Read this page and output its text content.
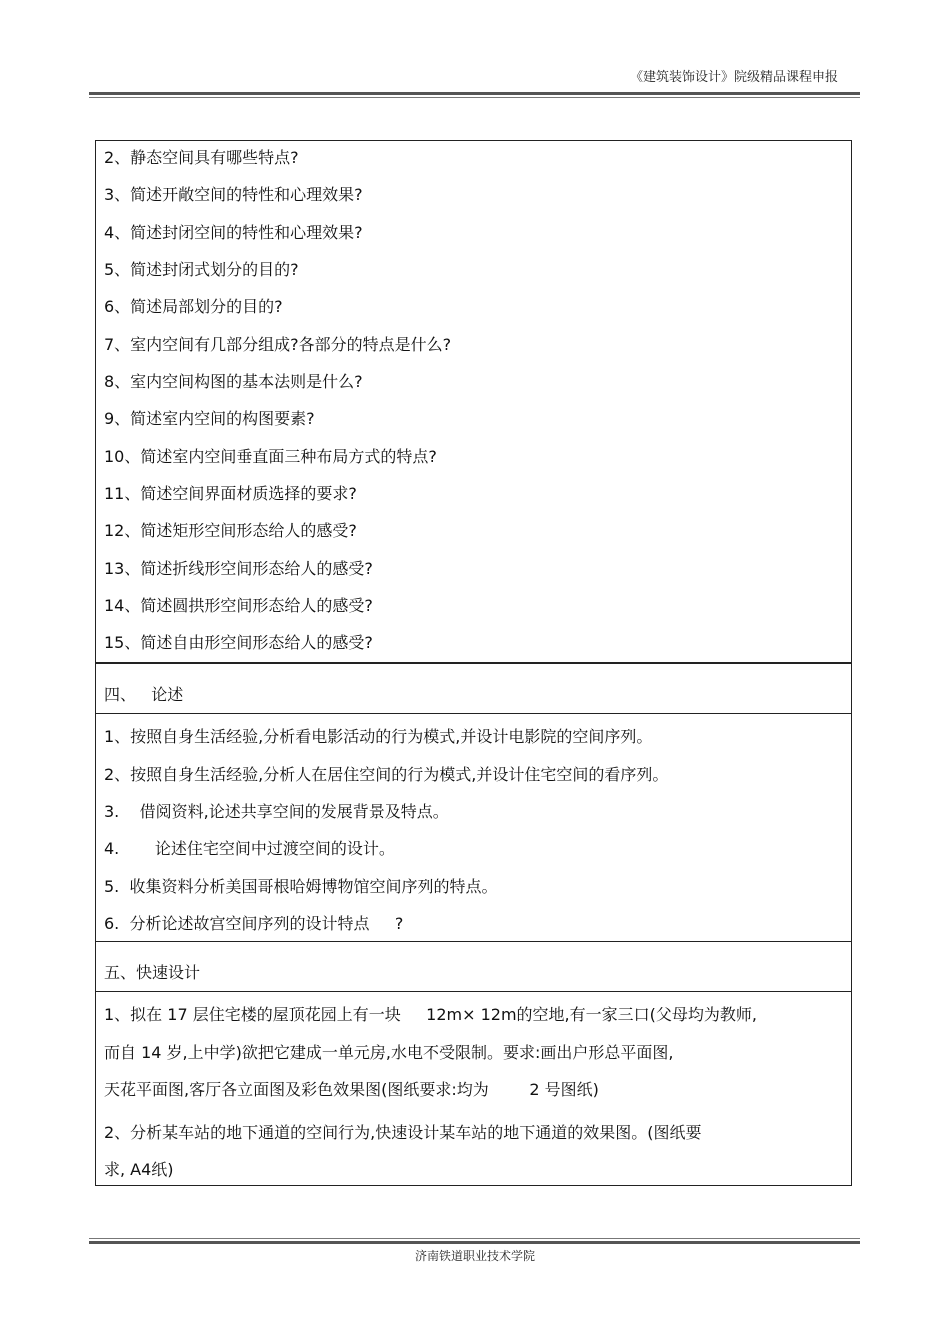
《建筑装饰设计》院级精品课程申报
2、静态空间具有哪些特点?
3、简述开敞空间的特性和心理效果?
4、简述封闭空间的特性和心理效果?
5、简述封闭式划分的目的?
6、简述局部划分的目的?
7、室内空间有几部分组成?各部分的特点是什么?
8、室内空间构图的基本法则是什么?
9、简述室内空间的构图要素?
10、简述室内空间垂直面三种布局方式的特点?
11、简述空间界面材质选择的要求?
12、简述矩形空间形态给人的感受?
13、简述折线形空间形态给人的感受?
14、简述圆拱形空间形态给人的感受?
15、简述自由形空间形态给人的感受?
四、   论述
1、按照自身生活经验,分析看电影活动的行为模式,并设计电影院的空间序列。
2、按照自身生活经验,分析人在居住空间的行为模式,并设计住宅空间的看序列。
3.    借阅资料,论述共享空间的发展背景及特点。
4.       论述住宅空间中过渡空间的设计。
5.  收集资料分析美国哥根哈姆博物馆空间序列的特点。
6.  分析论述故宫空间序列的设计特点     ?
五、快速设计
1、拟在 17 层住宅楼的屋顶花园上有一块     12m× 12m的空地,有一家三口(父母均为教师,
而自 14 岁,上中学)欲把它建成一单元房,水电不受限制。要求:画出户形总平面图,
天花平面图,客厅各立面图及彩色效果图(图纸要求:均为        2 号图纸)
2、分析某车站的地下通道的空间行为,快速设计某车站的地下通道的效果图。(图纸要
求, A4纸)
济南铁道职业技术学院
